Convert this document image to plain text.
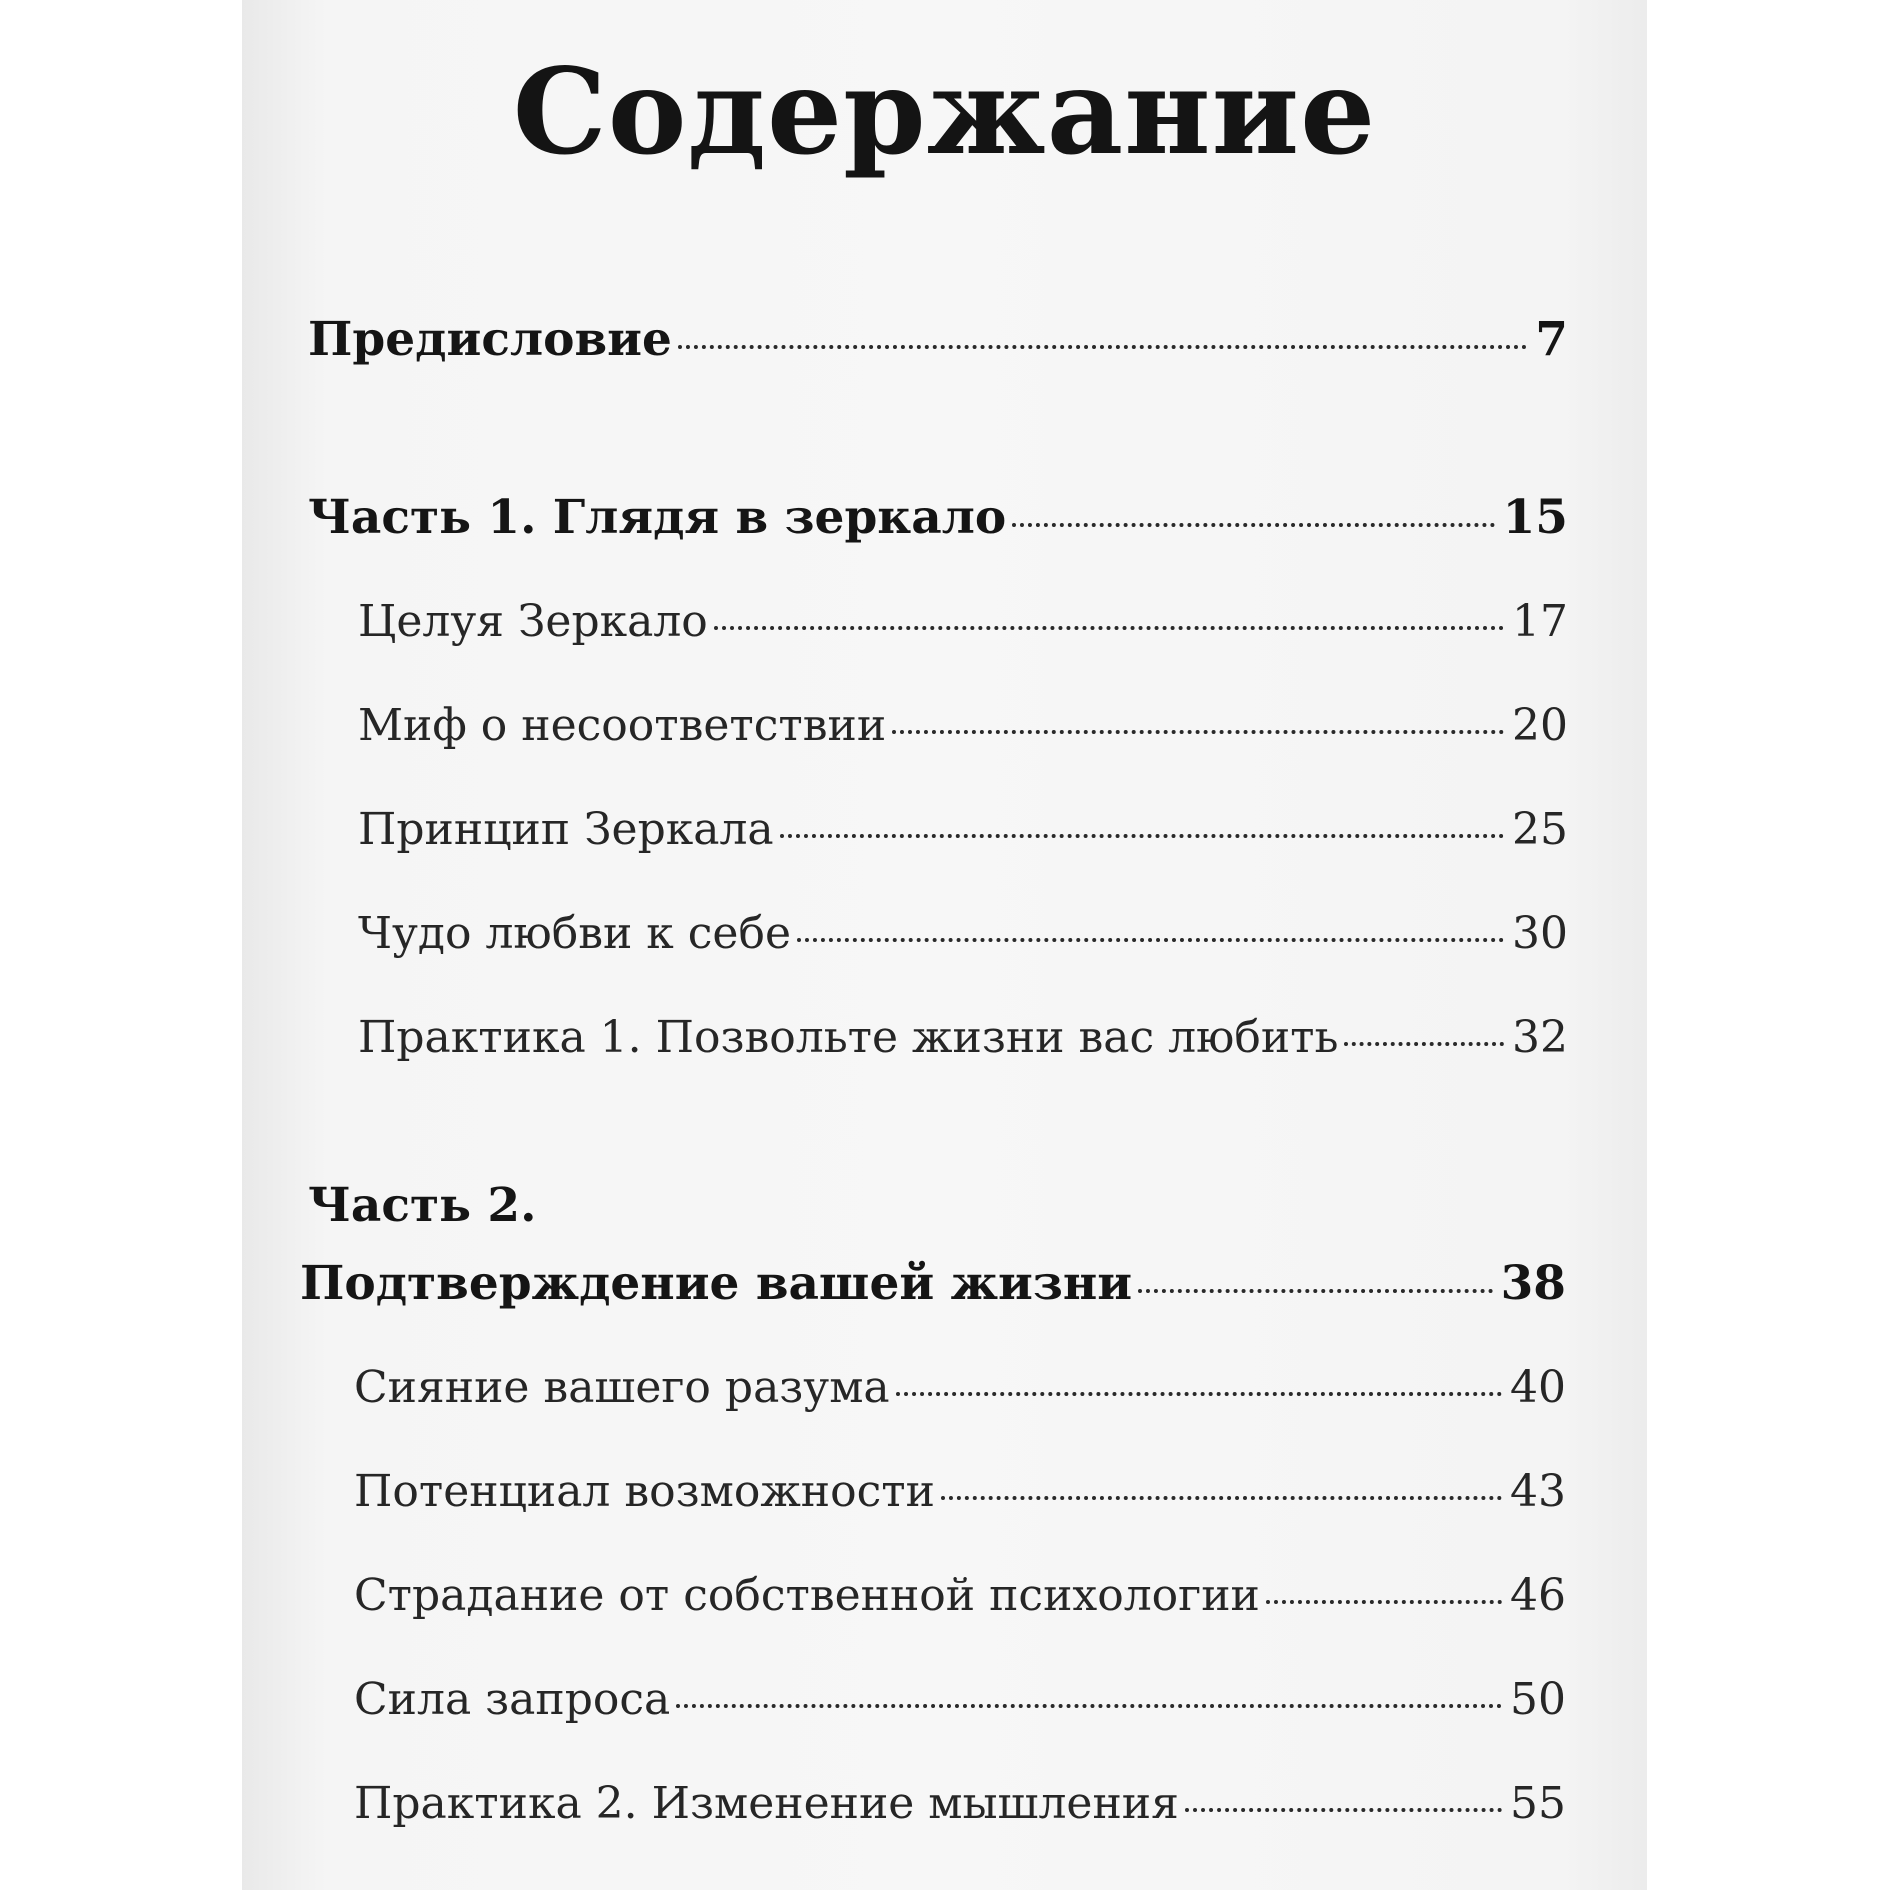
Содержание
Предисловие	7
Часть 1. Глядя в зеркало	15
Целуя Зеркало	17
Миф о несоответствии	20
Принцип Зеркала	25
Чудо любви к себе	30
Практика 1. Позвольте жизни вас любить	32
Часть 2.
Подтверждение вашей жизни	38
Сияние вашего разума	40
Потенциал возможности	43
Страдание от собственной психологии	46
Сила запроса	50
Практика 2. Изменение мышления	55
